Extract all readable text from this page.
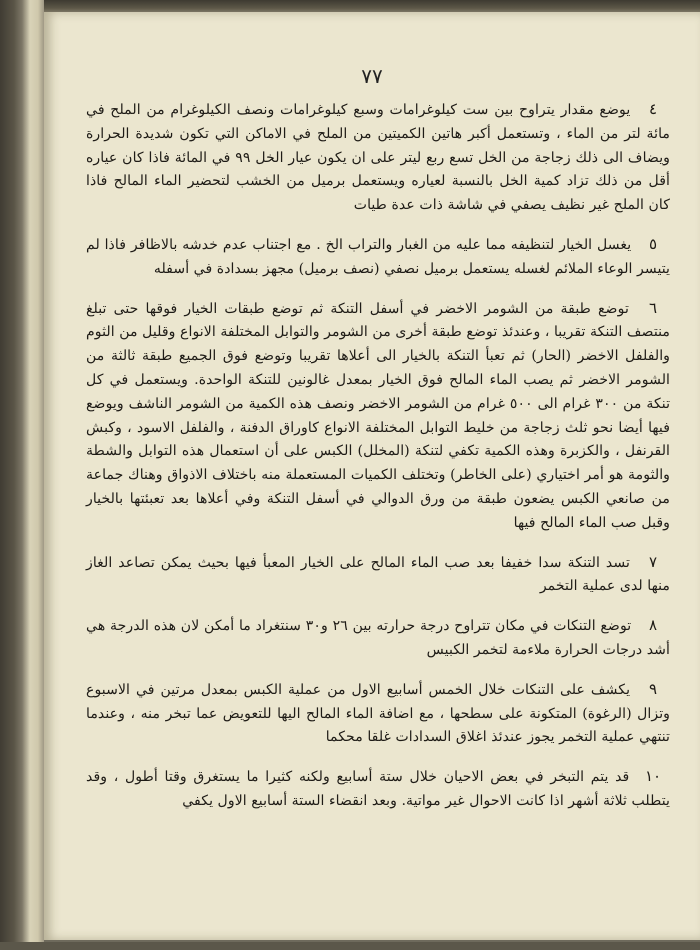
٧٧

٤ يوضع مقدار يتراوح بين ست كيلوغرامات وسبع كيلوغرامات ونصف الكيلوغرام من الملح في مائة لتر من الماء ، وتستعمل أكبر هاتين الكميتين من الملح في الاماكن التي تكون شديدة الحرارة ويضاف الى ذلك زجاجة من الخل تسع ربع ليتر على ان يكون عيار الخل ٩٩ في المائة فاذا كان عياره أقل من ذلك تزاد كمية الخل بالنسبة لعياره ويستعمل برميل من الخشب لتحضير الماء المالح فاذا كان الملح غير نظيف يصفي في شاشة ذات عدة طيات

٥ يغسل الخيار لتنظيفه مما عليه من الغبار والتراب الخ . مع اجتناب عدم خدشه بالاظافر فاذا لم يتيسر الوعاء الملائم لغسله يستعمل برميل نصفي (نصف برميل) مجهز بسدادة في أسفله

٦ توضع طبقة من الشومر الاخضر في أسفل التنكة ثم توضع طبقات الخيار فوقها حتى تبلغ منتصف التنكة تقريبا ، وعندئذ توضع طبقة أخرى من الشومر والتوابل المختلفة الانواع وقليل من الثوم والفلفل الاخضر (الحار) ثم تعبأ التنكة بالخيار الى أعلاها تقريبا وتوضع فوق الجميع طبقة ثالثة من الشومر الاخضر ثم يصب الماء المالح فوق الخيار بمعدل غالونين للتنكة الواحدة. ويستعمل في كل تنكة من ٣٠٠ غرام الى ٥٠٠ غرام من الشومر الاخضر ونصف هذه الكمية من الشومر الناشف ويوضع فيها أيضا نحو ثلث زجاجة من خليط التوابل المختلفة الانواع كاوراق الدفنة ، والفلفل الاسود ، وكبش القرنفل ، والكزبرة وهذه الكمية تكفي لتنكة (المخلل) الكبس على أن استعمال هذه التوابل والشطة والثومة هو أمر اختياري (على الخاطر) وتختلف الكميات المستعملة منه باختلاف الاذواق وهناك جماعة من صانعي الكبس يضعون طبقة من ورق الدوالي في أسفل التنكة وفي أعلاها بعد تعبئتها بالخيار وقبل صب الماء المالح فيها

٧ تسد التنكة سدا خفيفا بعد صب الماء المالح على الخيار المعبأ فيها بحيث يمكن تصاعد الغاز منها لدى عملية التخمر

٨ توضع التنكات في مكان تتراوح درجة حرارته بين ٢٦ و٣٠ سنتغراد ما أمكن لان هذه الدرجة هي أشد درجات الحرارة ملاءمة لتخمر الكبيس

٩ يكشف على التنكات خلال الخمس أسابيع الاول من عملية الكبس بمعدل مرتين في الاسبوع وتزال (الرغوة) المتكونة على سطحها ، مع اضافة الماء المالح اليها للتعويض عما تبخر منه ، وعندما تنتهي عملية التخمر يجوز عندئذ اغلاق السدادات غلقا محكما

١٠ قد يتم التبخر في بعض الاحيان خلال ستة أسابيع ولكنه كثيرا ما يستغرق وقتا أطول ، وقد يتطلب ثلاثة أشهر اذا كانت الاحوال غير مواتية. وبعد انقضاء الستة أسابيع الاول يكفي
